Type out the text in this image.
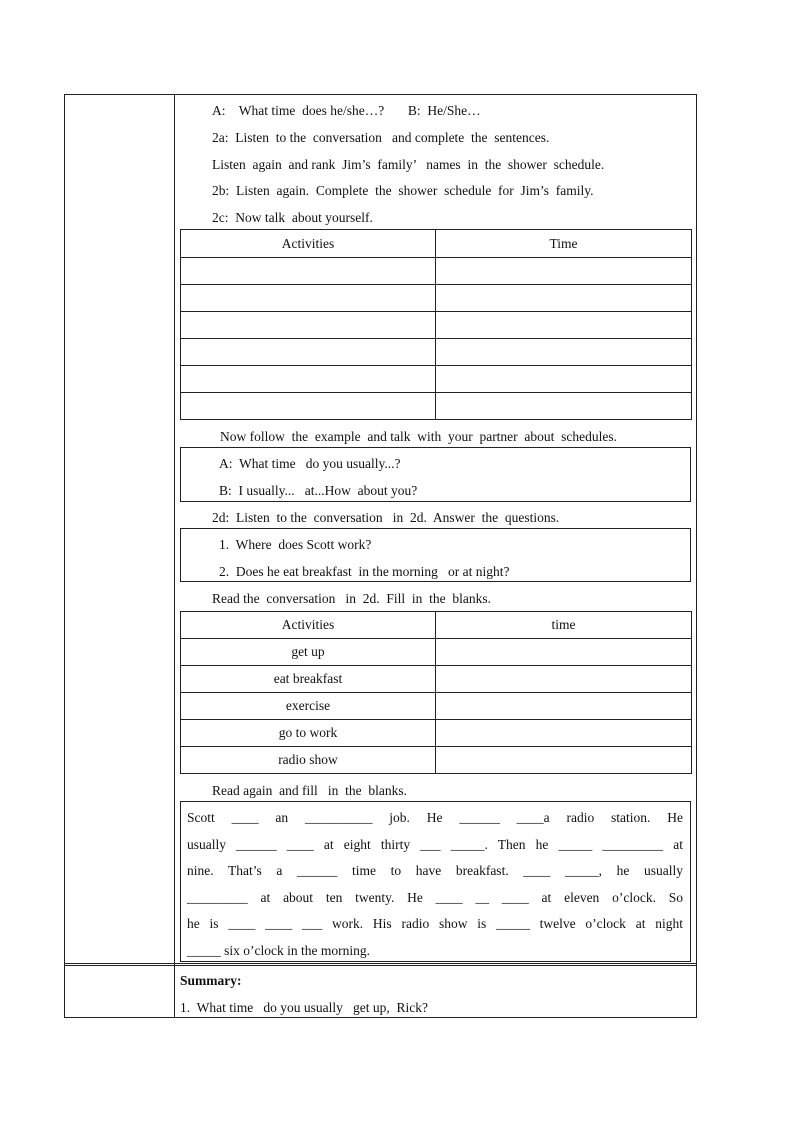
A:    What time  does he/she…?       B:  He/She…
2a:  Listen  to the  conversation   and complete  the  sentences.
Listen  again  and rank  Jim’s  family’   names  in  the  shower  schedule.
2b:  Listen  again.  Complete  the  shower  schedule  for  Jim’s  family.
2c:  Now talk  about yourself.
Activities	Time

Now follow  the  example  and talk  with  your  partner  about  schedules.
A:  What time   do you usually...?
B:  I usually...   at...How  about you?
2d:  Listen  to the  conversation   in  2d.  Answer  the  questions.
1.  Where  does Scott work?
2.  Does he eat breakfast  in the morning   or at night?
Read the  conversation   in  2d.  Fill  in  the  blanks.
Activities	time
get up	
eat breakfast	
exercise	
go to work	
radio show	
Read again  and fill   in  the  blanks.
Scott ____ an __________ job. He ______ ____a radio station. He
usually ______ ____ at eight thirty ___ _____. Then he _____ _________ at
nine. That’s a ______ time to have breakfast. ____ _____, he usually
_________ at about ten twenty. He ____ __ ____ at eleven o’clock. So
he is ____ ____ ___ work. His radio show is _____ twelve o’clock at night
_____ six o’clock in the morning.
Summary:
1.  What time   do you usually   get up,  Rick?
